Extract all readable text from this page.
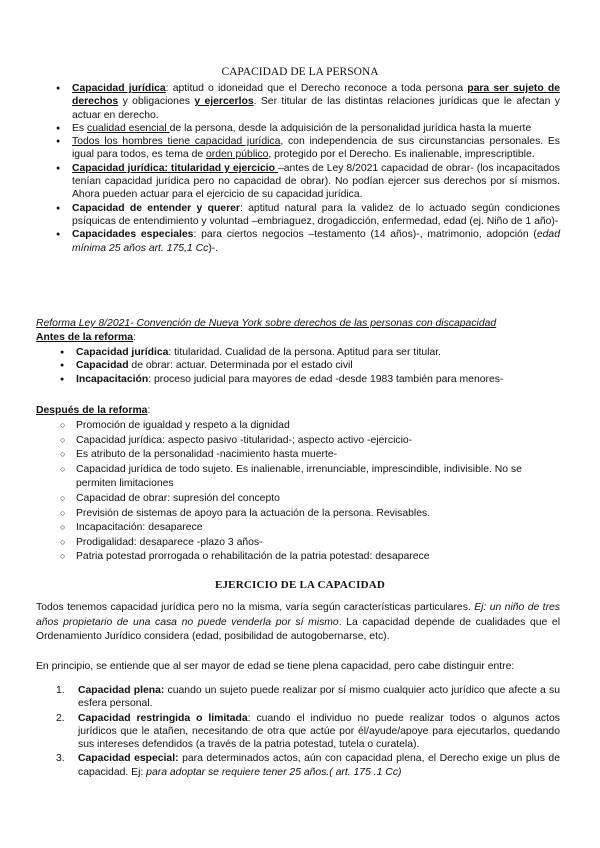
CAPACIDAD DE LA PERSONA
● Capacidad jurídica: aptitud o idoneidad que el Derecho reconoce a toda persona para ser sujeto de derechos y obligaciones y ejercerlos. Ser titular de las distintas relaciones jurídicas que le afectan y actuar en derecho.
● Es cualidad esencial de la persona, desde la adquisición de la personalidad jurídica hasta la muerte
● Todos los hombres tiene capacidad jurídica, con independencia de sus circunstancias personales. Es igual para todos, es tema de orden público, protegido por el Derecho. Es inalienable, imprescriptible.
● Capacidad jurídica: titularidad y ejercicio –antes de Ley 8/2021 capacidad de obrar- (los incapacitados tenían capacidad jurídica pero no capacidad de obrar). No podían ejercer sus derechos por sí mismos. Ahora pueden actuar para el ejercicio de su capacidad jurídica.
● Capacidad de entender y querer: aptitud natural para la validez de lo actuado según condiciones psíquicas de entendimiento y voluntad –embriaguez, drogadicción, enfermedad, edad (ej. Niño de 1 año)-
● Capacidades especiales: para ciertos negocios –testamento (14 años)-, matrimonio, adopción (edad mínima 25 años art. 175,1 Cc)-.
Reforma Ley 8/2021- Convención de Nueva York sobre derechos de las personas con discapacidad
Antes de la reforma:
● Capacidad jurídica: titularidad. Cualidad de la persona. Aptitud para ser titular.
● Capacidad de obrar: actuar. Determinada por el estado civil
● Incapacitación: proceso judicial para mayores de edad -desde 1983 también para menores-
Después de la reforma:
○ Promoción de igualdad y respeto a la dignidad
○ Capacidad jurídica: aspecto pasivo -titularidad-; aspecto activo -ejercicio-
○ Es atributo de la personalidad -nacimiento hasta muerte-
○ Capacidad jurídica de todo sujeto. Es inalienable, irrenunciable, imprescindible, indivisible. No se permiten limitaciones
○ Capacidad de obrar: supresión del concepto
○ Previsión de sistemas de apoyo para la actuación de la persona. Revisables.
○ Incapacitación: desaparece
○ Prodigalidad: desaparece -plazo 3 años-
○ Patria potestad prorrogada o rehabilitación de la patria potestad: desaparece
EJERCICIO DE LA CAPACIDAD

Todos tenemos capacidad jurídica pero no la misma, varía según características particulares. Ej: un niño de tres años propietario de una casa no puede venderla por sí mismo. La capacidad depende de cualidades que el Ordenamiento Jurídico considera (edad, posibilidad de autogobernarse, etc).

En principio, se entiende que al ser mayor de edad se tiene plena capacidad, pero cabe distinguir entre:

1. Capacidad plena: cuando un sujeto puede realizar por sí mismo cualquier acto jurídico que afecte a su esfera personal.
2. Capacidad restringida o limitada: cuando el individuo no puede realizar todos o algunos actos jurídicos que le atañen, necesitando de otra que actúe por él/ayude/apoye para ejecutarlos, quedando sus intereses defendidos (a través de la patria potestad, tutela o curatela).
3. Capacidad especial: para determinados actos, aún con capacidad plena, el Derecho exige un plus de capacidad. Ej: para adoptar se requiere tener 25 años.( art. 175 .1 Cc)
